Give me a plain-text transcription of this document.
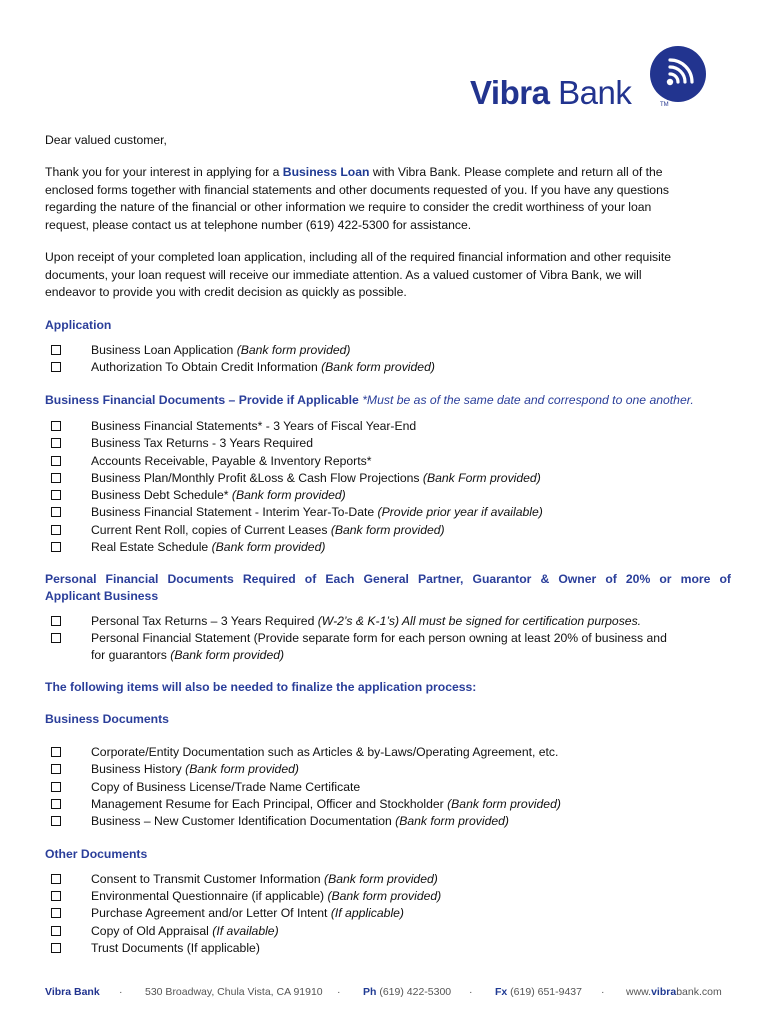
Vibra Bank	TM
Dear valued customer,
Thank you for your interest in applying for a Business Loan with Vibra Bank. Please complete and return all of the
enclosed forms together with financial statements and other documents requested of you. If you have any questions
regarding the nature of the financial or other information we require to consider the credit worthiness of your loan
request, please contact us at telephone number (619) 422-5300 for assistance.
Upon receipt of your completed loan application, including all of the required financial information and other requisite
documents, your loan request will receive our immediate attention. As a valued customer of Vibra Bank, we will
endeavor to provide you with credit decision as quickly as possible.
Application
Business Loan Application (Bank form provided)
Authorization To Obtain Credit Information (Bank form provided)
Business Financial Documents – Provide if Applicable *Must be as of the same date and correspond to one another.
Business Financial Statements* - 3 Years of Fiscal Year-End
Business Tax Returns - 3 Years Required
Accounts Receivable, Payable & Inventory Reports*
Business Plan/Monthly Profit &Loss & Cash Flow Projections (Bank Form provided)
Business Debt Schedule* (Bank form provided)
Business Financial Statement - Interim Year-To-Date (Provide prior year if available)
Current Rent Roll, copies of Current Leases (Bank form provided)
Real Estate Schedule (Bank form provided)
Personal Financial Documents Required of Each General Partner, Guarantor & Owner of 20% or more of
Applicant Business
Personal Tax Returns – 3 Years Required (W-2’s & K-1’s) All must be signed for certification purposes.
Personal Financial Statement (Provide separate form for each person owning at least 20% of business and
for guarantors (Bank form provided)
The following items will also be needed to finalize the application process:
Business Documents
Corporate/Entity Documentation such as Articles & by-Laws/Operating Agreement, etc.
Business History (Bank form provided)
Copy of Business License/Trade Name Certificate
Management Resume for Each Principal, Officer and Stockholder (Bank form provided)
Business – New Customer Identification Documentation (Bank form provided)
Other Documents
Consent to Transmit Customer Information (Bank form provided)
Environmental Questionnaire (if applicable) (Bank form provided)
Purchase Agreement and/or Letter Of Intent (If applicable)
Copy of Old Appraisal (If available)
Trust Documents (If applicable)
Vibra Bank · 530 Broadway, Chula Vista, CA 91910 · Ph (619) 422-5300 · Fx (619) 651-9437 · www.vibrabank.com
